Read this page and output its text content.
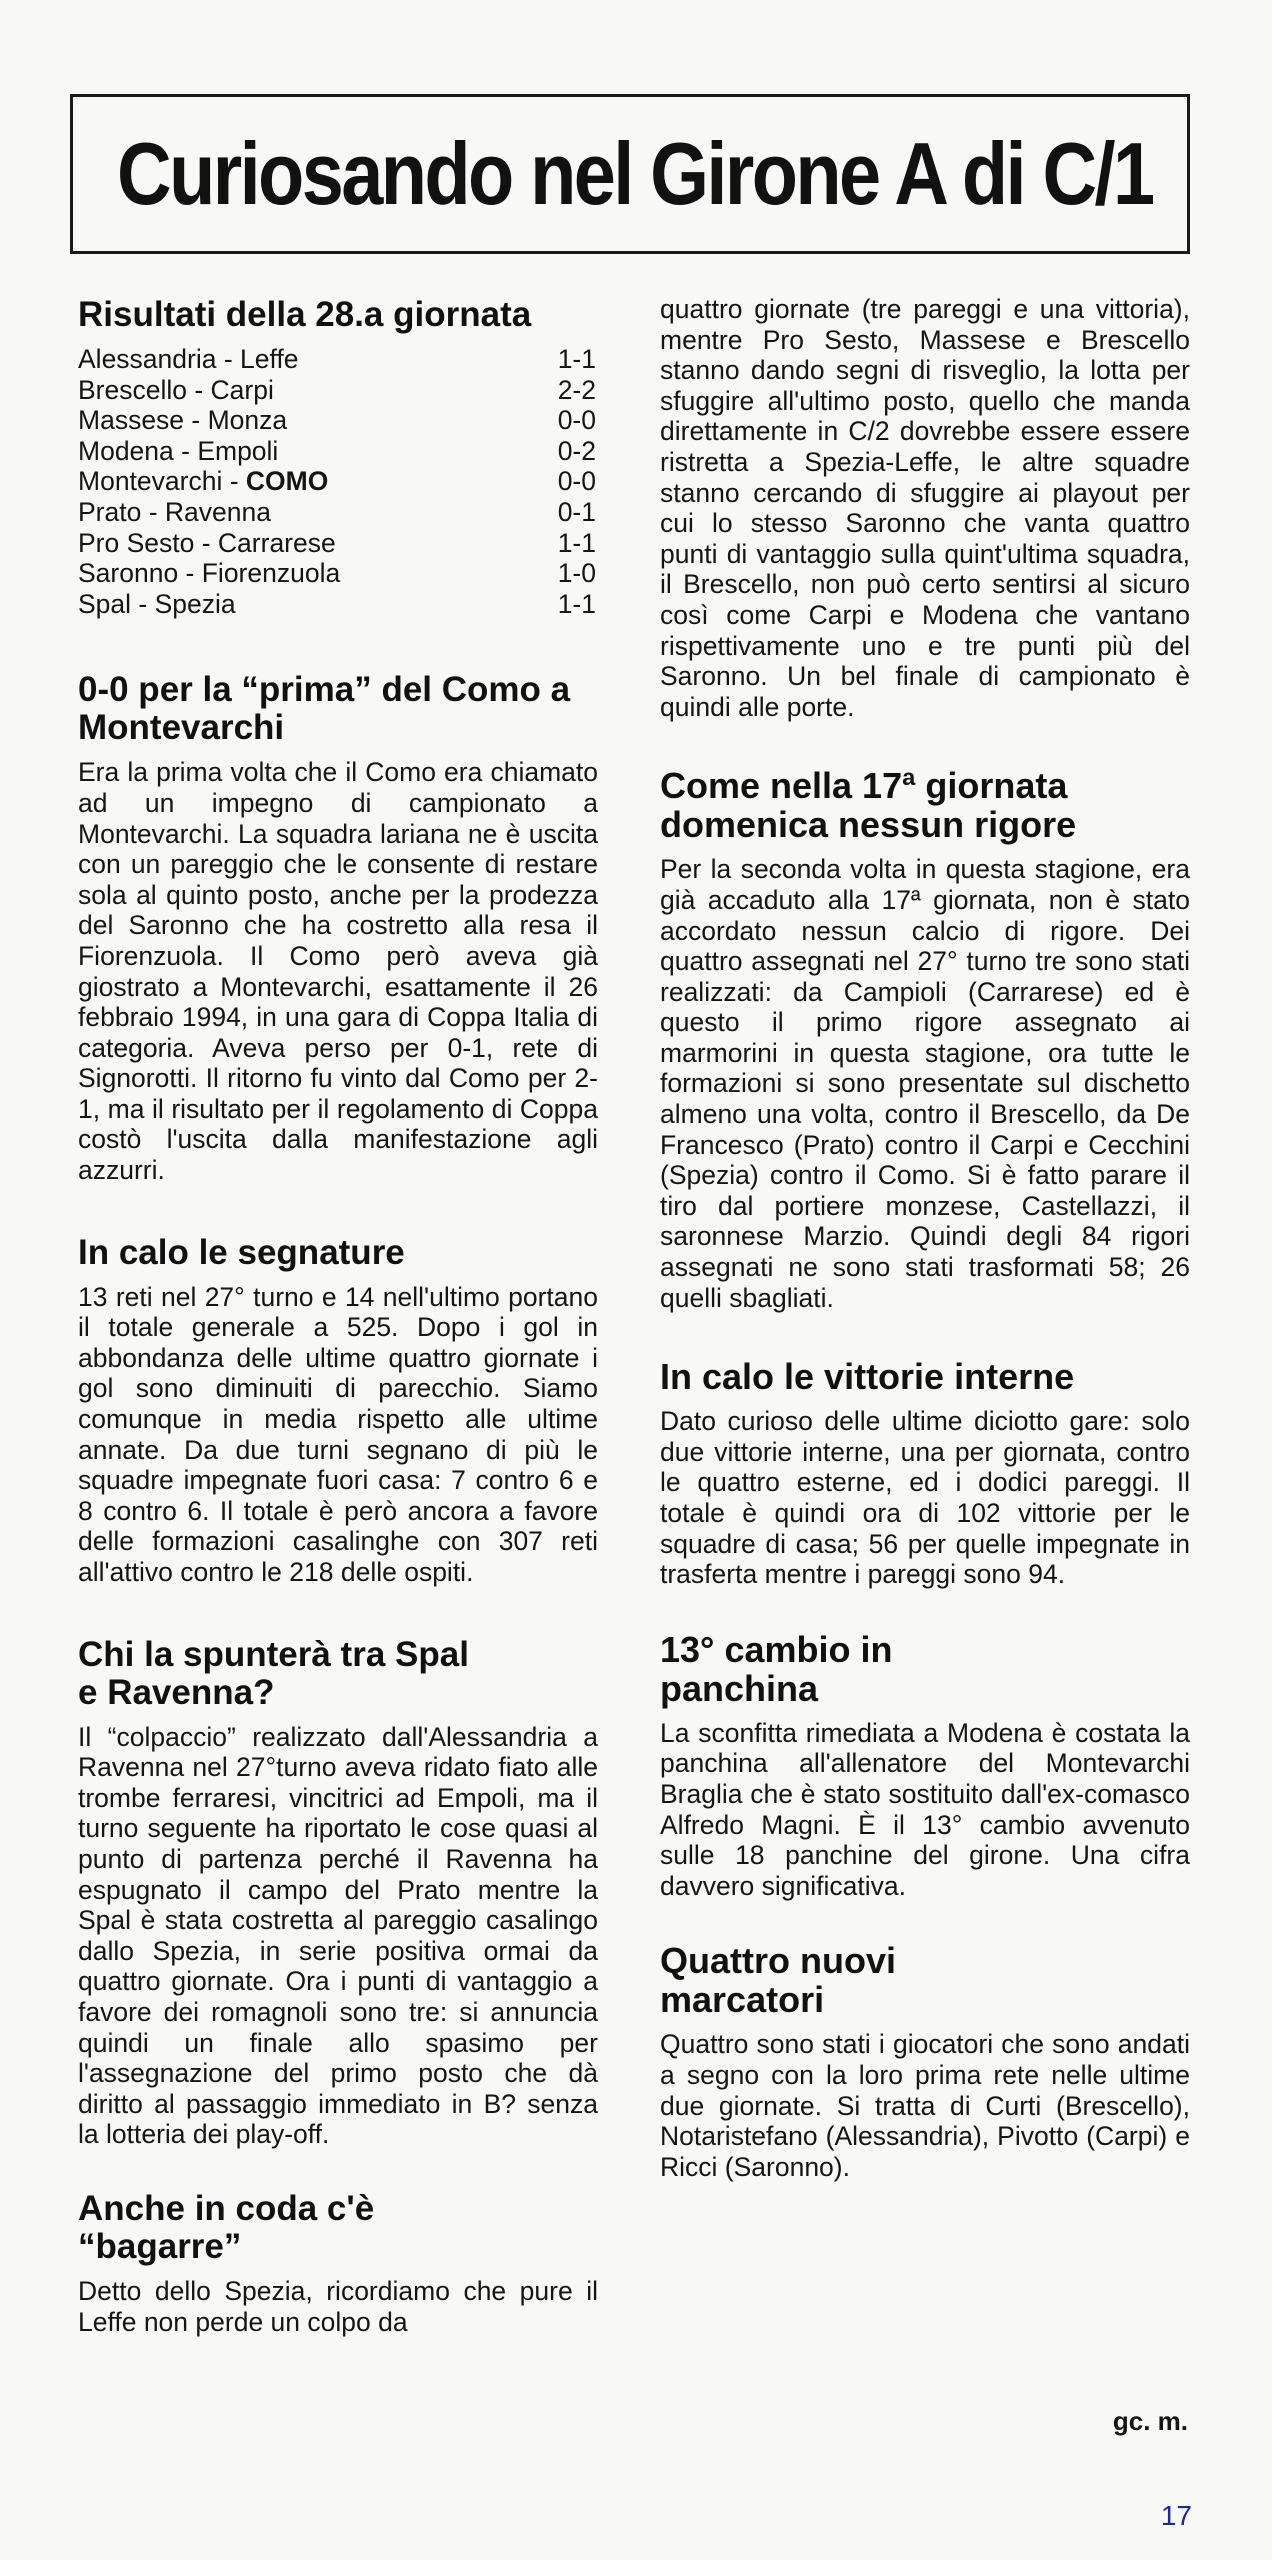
Curiosando nel Girone A di C/1
Risultati della 28.a giornata
Alessandria - Leffe	1-1
Brescello - Carpi	2-2
Massese - Monza	0-0
Modena - Empoli	0-2
Montevarchi - COMO	0-0
Prato - Ravenna	0-1
Pro Sesto - Carrarese	1-1
Saronno - Fiorenzuola	1-0
Spal - Spezia	1-1
0-0 per la “prima” del Como a Montevarchi

Era la prima volta che il Como era chiamato ad un impegno di campionato a Montevarchi. La squadra lariana ne è uscita con un pareggio che le consente di restare sola al quinto posto, anche per la prodezza del Saronno che ha costretto alla resa il Fiorenzuola. Il Como però aveva già giostrato a Montevarchi, esattamente il 26 febbraio 1994, in una gara di Coppa Italia di categoria. Aveva perso per 0-1, rete di Signorotti. Il ritorno fu vinto dal Como per 2-1, ma il risultato per il regolamento di Coppa costò l'uscita dalla manifestazione agli azzurri.

In calo le segnature

13 reti nel 27° turno e 14 nell'ultimo portano il totale generale a 525. Dopo i gol in abbondanza delle ultime quattro giornate i gol sono diminuiti di parecchio. Siamo comunque in media rispetto alle ultime annate. Da due turni segnano di più le squadre impegnate fuori casa: 7 contro 6 e 8 contro 6. Il totale è però ancora a favore delle formazioni casalinghe con 307 reti all'attivo contro le 218 delle ospiti.

Chi la spunterà tra Spal e Ravenna?

Il “colpaccio” realizzato dall'Alessandria a Ravenna nel 27°turno aveva ridato fiato alle trombe ferraresi, vincitrici ad Empoli, ma il turno seguente ha riportato le cose quasi al punto di partenza perché il Ravenna ha espugnato il campo del Prato mentre la Spal è stata costretta al pareggio casalingo dallo Spezia, in serie positiva ormai da quattro giornate. Ora i punti di vantaggio a favore dei romagnoli sono tre: si annuncia quindi un finale allo spasimo per l'assegnazione del primo posto che dà diritto al passaggio immediato in B? senza la lotteria dei play-off.

Anche in coda c'è “bagarre”

Detto dello Spezia, ricordiamo che pure il Leffe non perde un colpo da

quattro giornate (tre pareggi e una vittoria), mentre Pro Sesto, Massese e Brescello stanno dando segni di risveglio, la lotta per sfuggire all'ultimo posto, quello che manda direttamente in C/2 dovrebbe essere essere ristretta a Spezia-Leffe, le altre squadre stanno cercando di sfuggire ai playout per cui lo stesso Saronno che vanta quattro punti di vantaggio sulla quint'ultima squadra, il Brescello, non può certo sentirsi al sicuro così come Carpi e Modena che vantano rispettivamente uno e tre punti più del Saronno. Un bel finale di campionato è quindi alle porte.

Come nella 17ª giornata domenica nessun rigore

Per la seconda volta in questa stagione, era già accaduto alla 17ª giornata, non è stato accordato nessun calcio di rigore. Dei quattro assegnati nel 27° turno tre sono stati realizzati: da Campioli (Carrarese) ed è questo il primo rigore assegnato ai marmorini in questa stagione, ora tutte le formazioni si sono presentate sul dischetto almeno una volta, contro il Brescello, da De Francesco (Prato) contro il Carpi e Cecchini (Spezia) contro il Como. Si è fatto parare il tiro dal portiere monzese, Castellazzi, il saronnese Marzio. Quindi degli 84 rigori assegnati ne sono stati trasformati 58; 26 quelli sbagliati.

In calo le vittorie interne

Dato curioso delle ultime diciotto gare: solo due vittorie interne, una per giornata, contro le quattro esterne, ed i dodici pareggi. Il totale è quindi ora di 102 vittorie per le squadre di casa; 56 per quelle impegnate in trasferta mentre i pareggi sono 94.

13° cambio in panchina

La sconfitta rimediata a Modena è costata la panchina all'allenatore del Montevarchi Braglia che è stato sostituito dall'ex-comasco Alfredo Magni. È il 13° cambio avvenuto sulle 18 panchine del girone. Una cifra davvero significativa.

Quattro nuovi marcatori

Quattro sono stati i giocatori che sono andati a segno con la loro prima rete nelle ultime due giornate. Si tratta di Curti (Brescello), Notaristefano (Alessandria), Pivotto (Carpi) e Ricci (Saronno).

gc. m.
17
